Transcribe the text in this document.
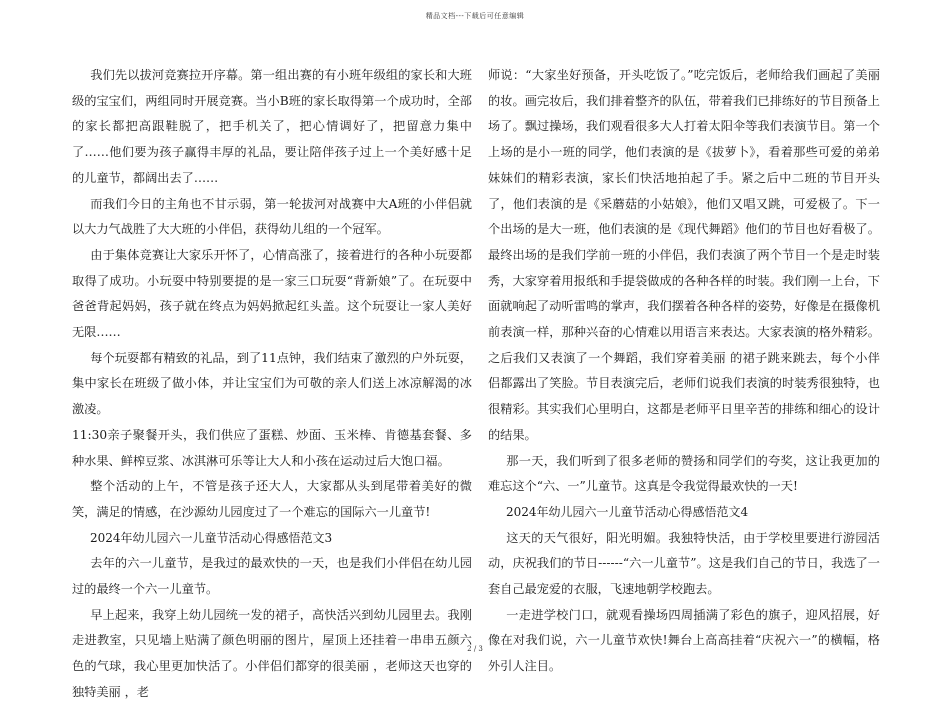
精品文档---下载后可任意编辑

我们先以拔河竞赛拉开序幕。第一组出赛的有小班年级组的家长和大班级的宝宝们，两组同时开展竞赛。当小B班的家长取得第一个成功时，全部的家长都把高跟鞋脱了，把手机关了，把心情调好了，把留意力集中了……他们要为孩子赢得丰厚的礼品，要让陪伴孩子过上一个美好感十足的儿童节，都阔出去了……

而我们今日的主角也不甘示弱，第一轮拔河对战赛中大A班的小伴侣就以大力气战胜了大大班的小伴侣，获得幼儿组的一个冠军。

由于集体竞赛让大家乐开怀了，心情高涨了，接着进行的各种小玩耍都取得了成功。小玩耍中特别要提的是一家三口玩耍“背新娘”了。在玩耍中爸爸背起妈妈，孩子就在终点为妈妈掀起红头盖。这个玩耍让一家人美好无限……

每个玩耍都有精致的礼品，到了11点钟，我们结束了激烈的户外玩耍，集中家长在班级了做小体，并让宝宝们为可敬的亲人们送上冰凉解渴的冰激凌。

11:30亲子聚餐开头，我们供应了蛋糕、炒面、玉米棒、肯德基套餐、多种水果、鲜榨豆浆、冰淇淋可乐等让大人和小孩在运动过后大饱口福。

整个活动的上午，不管是孩子还大人，大家都从头到尾带着美好的微笑，满足的情感，在沙源幼儿园度过了一个难忘的国际六一儿童节!

2024年幼儿园六一儿童节活动心得感悟范文3

去年的六一儿童节，是我过的最欢快的一天，也是我们小伴侣在幼儿园过的最终一个六一儿童节。

早上起来，我穿上幼儿园统一发的裙子，高快活兴到幼儿园里去。我刚走进教室，只见墙上贴满了颜色明丽的图片，屋顶上还挂着一串串五颜六色的气球，我心里更加快活了。小伴侣们都穿的很美丽 ，老师这天也穿的独特美丽 ，老

师说：“大家坐好预备，开头吃饭了。”吃完饭后，老师给我们画起了美丽 的妆。画完妆后，我们排着整齐的队伍，带着我们已排练好的节目预备上场了。飘过操场，我们观看很多大人打着太阳伞等我们表演节目。第一个上场的是小一班的同学，他们表演的是《拔萝卜》，看着那些可爱的弟弟妹妹们的精彩表演，家长们快活地拍起了手。紧之后中二班的节目开头了，他们表演的是《采蘑菇的小姑娘》，他们又唱又跳，可爱极了。下一个出场的是大一班，他们表演的是《现代舞蹈》他们的节目也好看极了。最终出场的是我们学前一班的小伴侣，我们表演了两个节目一个是走时装秀，大家穿着用报纸和手提袋做成的各种各样的时装。我们刚一上台，下面就响起了动听雷鸣的掌声，我们摆着各种各样的姿势，好像是在摄像机前表演一样，那种兴奋的心情难以用语言来表达。大家表演的格外精彩。之后我们又表演了一个舞蹈，我们穿着美丽 的裙子跳来跳去，每个小伴侣都露出了笑脸。节目表演完后，老师们说我们表演的时装秀很独特，也很精彩。其实我们心里明白，这都是老师平日里辛苦的排练和细心的设计的结果。

那一天，我们听到了很多老师的赞扬和同学们的夸奖，这让我更加的难忘这个“六、一”儿童节。这真是令我觉得最欢快的一天!

2024年幼儿园六一儿童节活动心得感悟范文4

这天的天气很好，阳光明媚。我独特快活，由于学校里要进行游园活动，庆祝我们的节日------“六一儿童节”。这是我们自己的节日，我选了一套自己最宠爱的衣服，飞速地朝学校跑去。

一走进学校门口，就观看操场四周插满了彩色的旗子，迎风招展，好像在对我们说，六一儿童节欢快!舞台上高高挂着“庆祝六一”的横幅，格外引人注目。

2 / 3
